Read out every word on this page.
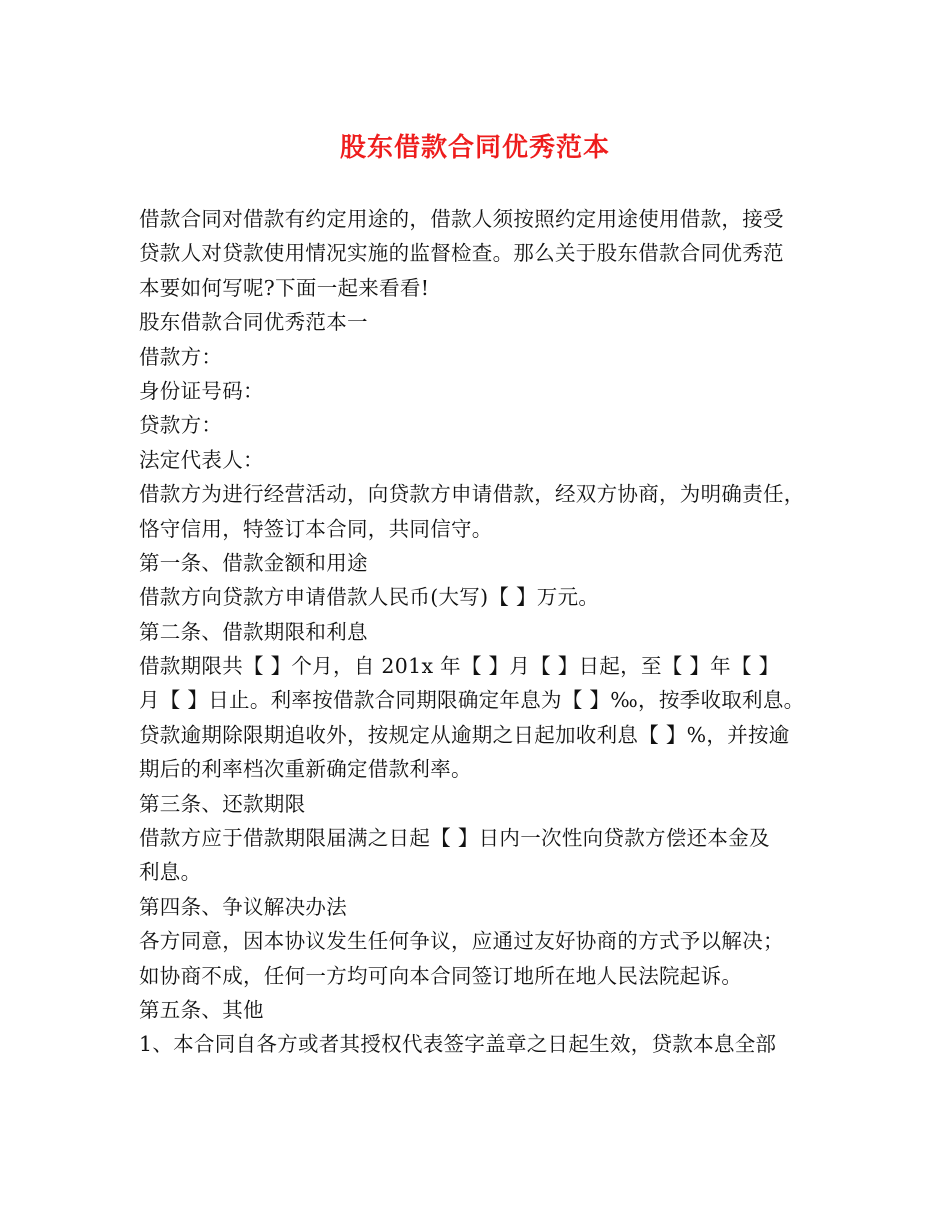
股东借款合同优秀范本
借款合同对借款有约定用途的，借款人须按照约定用途使用借款，接受
贷款人对贷款使用情况实施的监督检查。那么关于股东借款合同优秀范
本要如何写呢?下面一起来看看!
股东借款合同优秀范本一
借款方：
身份证号码：
贷款方：
法定代表人：
借款方为进行经营活动，向贷款方申请借款，经双方协商，为明确责任，
恪守信用，特签订本合同，共同信守。
第一条、借款金额和用途
借款方向贷款方申请借款人民币(大写)【 】万元。
第二条、借款期限和利息
借款期限共【 】个月，自 201x 年【 】月【 】日起，至【 】年【 】
月【 】日止。利率按借款合同期限确定年息为【 】‰，按季收取利息。
贷款逾期除限期追收外，按规定从逾期之日起加收利息【 】%，并按逾
期后的利率档次重新确定借款利率。
第三条、还款期限
借款方应于借款期限届满之日起【 】日内一次性向贷款方偿还本金及
利息。
第四条、争议解决办法
各方同意，因本协议发生任何争议，应通过友好协商的方式予以解决；
如协商不成，任何一方均可向本合同签订地所在地人民法院起诉。
第五条、其他
1、本合同自各方或者其授权代表签字盖章之日起生效，贷款本息全部
